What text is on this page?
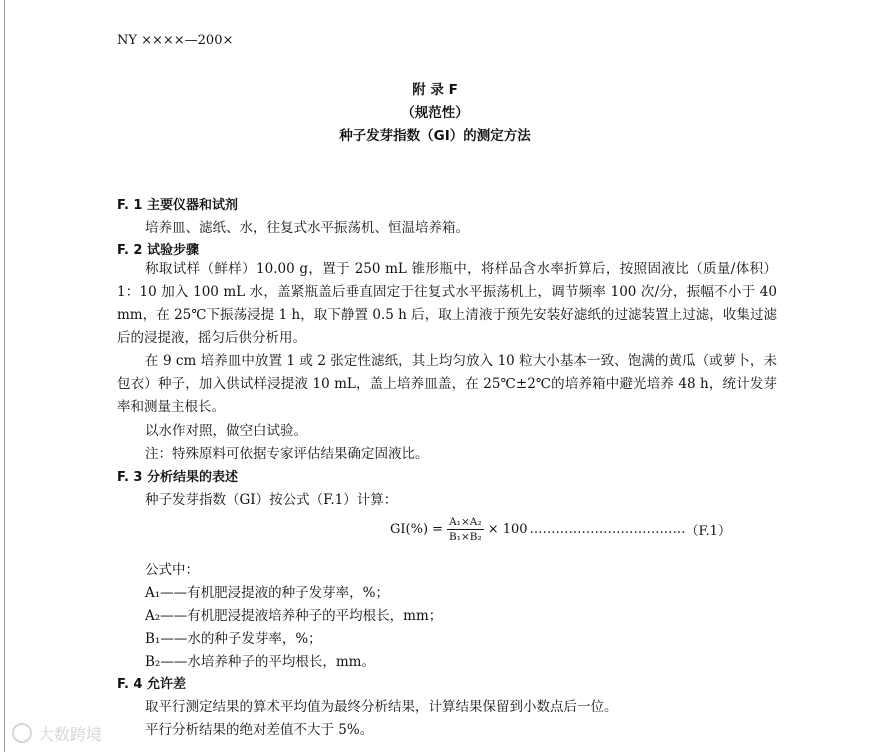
NY ××××—200×
附 录 F
（规范性）
种子发芽指数（GI）的测定方法
F. 1 主要仪器和试剂
培养皿、滤纸、水，往复式水平振荡机、恒温培养箱。
F. 2 试验步骤
称取试样（鲜样）10.00 g，置于 250 mL 锥形瓶中，将样品含水率折算后，按照固液比（质量/体积）1：10 加入 100 mL 水，盖紧瓶盖后垂直固定于往复式水平振荡机上，调节频率 100 次/分，振幅不小于 40 mm，在 25℃下振荡浸提 1 h，取下静置 0.5 h 后，取上清液于预先安装好滤纸的过滤装置上过滤，收集过滤后的浸提液，摇匀后供分析用。
在 9 cm 培养皿中放置 1 或 2 张定性滤纸，其上均匀放入 10 粒大小基本一致、饱满的黄瓜（或萝卜，未包衣）种子，加入供试样浸提液 10 mL，盖上培养皿盖，在 25℃±2℃的培养箱中避光培养 48 h，统计发芽率和测量主根长。
以水作对照，做空白试验。
注：特殊原料可依据专家评估结果确定固液比。
F. 3 分析结果的表述
种子发芽指数（GI）按公式（F.1）计算：
$GI(\%) = \frac{\text{A₁×A₂}}{\text{B₁×B₂}} \times 100$ ……………………………… （F.1）
公式中：
A₁——有机肥浸提液的种子发芽率，%；
A₂——有机肥浸提液培养种子的平均根长，mm；
B₁——水的种子发芽率，%；
B₂——水培养种子的平均根长，mm。
F. 4 允许差
取平行测定结果的算术平均值为最终分析结果，计算结果保留到小数点后一位。
平行分析结果的绝对差值不大于 5%。
大数跨境
